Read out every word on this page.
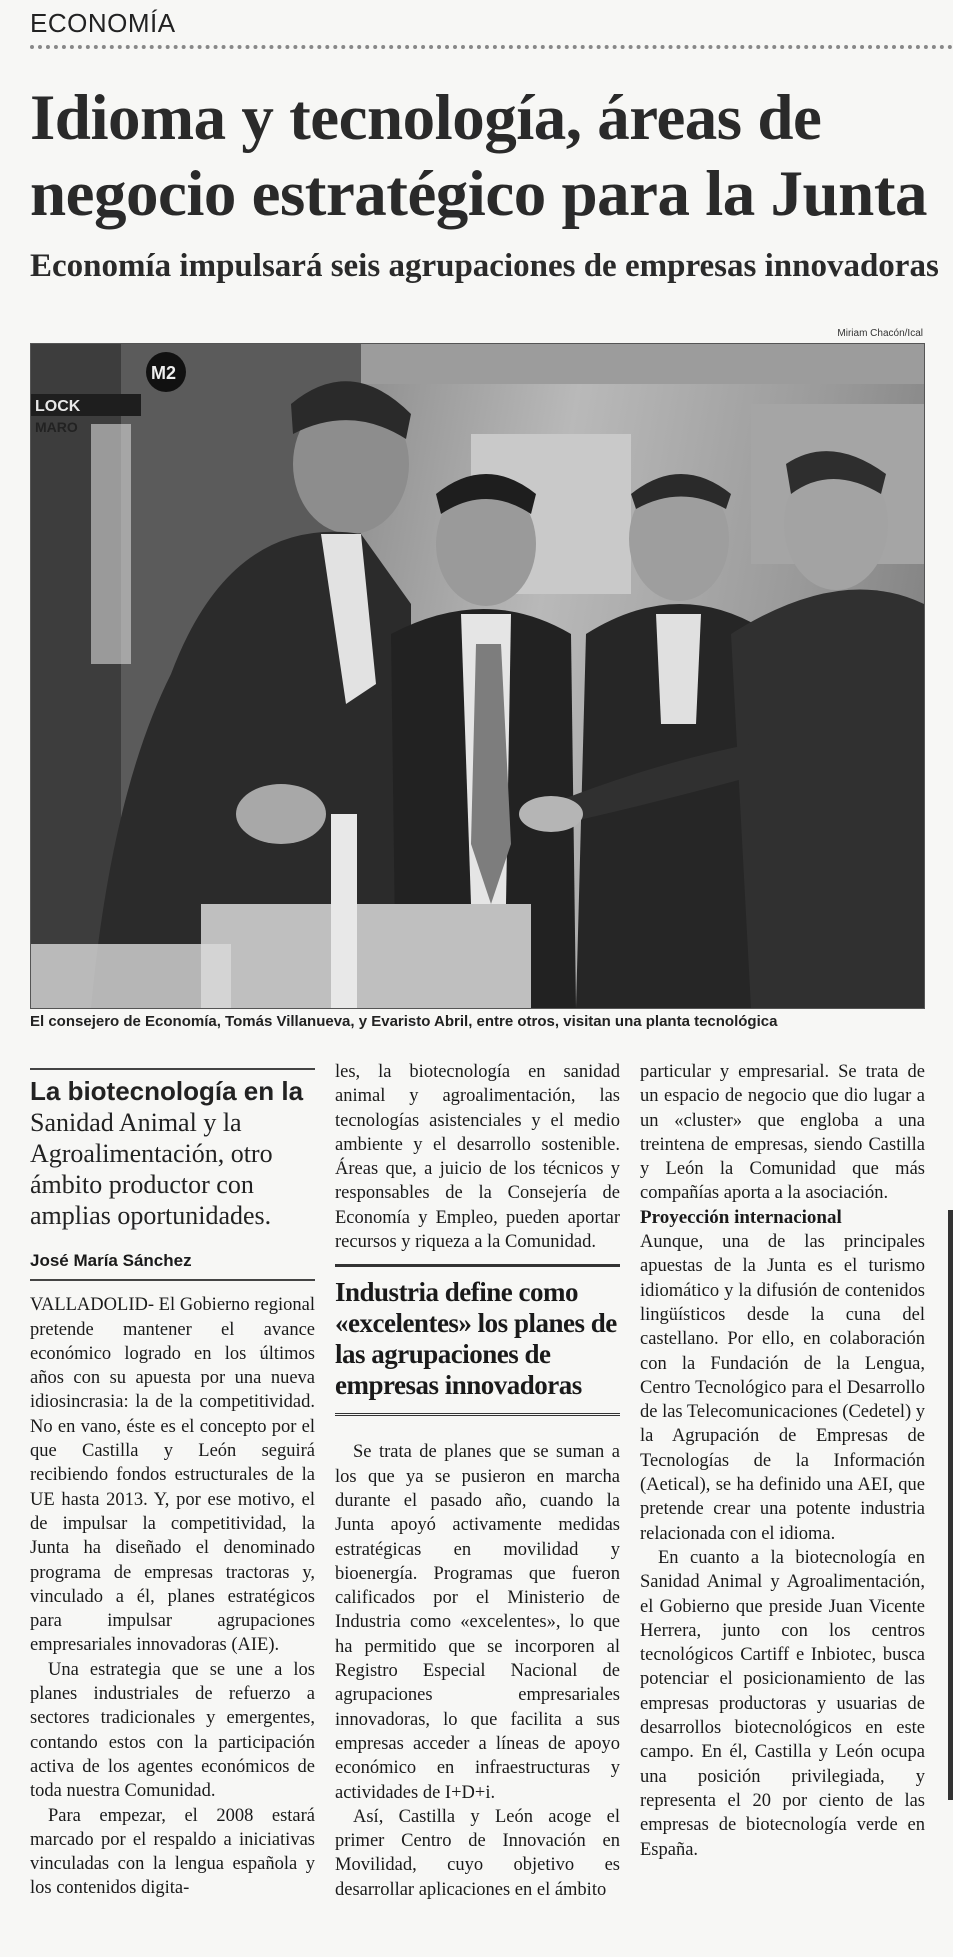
ECONOMÍA
Idioma y tecnología, áreas de negocio estratégico para la Junta
Economía impulsará seis agrupaciones de empresas innovadoras
Miriam Chacón/Ical
LOCK
MARO
M2
El consejero de Economía, Tomás Villanueva, y Evaristo Abril, entre otros, visitan una planta tecnológica
La biotecnología en la Sanidad Animal y la Agroalimentación, otro ámbito productor con amplias oportunidades.
José María Sánchez

VALLADOLID- El Gobierno regional pretende mantener el avance económico logrado en los últimos años con su apuesta por una nueva idiosincrasia: la de la competitividad. No en vano, éste es el concepto por el que Castilla y León seguirá recibiendo fondos estructurales de la UE hasta 2013. Y, por ese motivo, el de impulsar la competitividad, la Junta ha diseñado el denominado programa de empresas tractoras y, vinculado a él, planes estratégicos para impulsar agrupaciones empresariales innovadoras (AIE).

Una estrategia que se une a los planes industriales de refuerzo a sectores tradicionales y emergentes, contando estos con la participación activa de los agentes económicos de toda nuestra Comunidad.

Para empezar, el 2008 estará marcado por el respaldo a iniciativas vinculadas con la lengua española y los contenidos digita-

les, la biotecnología en sanidad animal y agroalimentación, las tecnologías asistenciales y el medio ambiente y el desarrollo sostenible. Áreas que, a juicio de los técnicos y responsables de la Consejería de Economía y Empleo, pueden aportar recursos y riqueza a la Comunidad.

Industria define como «excelentes» los planes de las agrupaciones de empresas innovadoras

Se trata de planes que se suman a los que ya se pusieron en marcha durante el pasado año, cuando la Junta apoyó activamente medidas estratégicas en movilidad y bioenergía. Programas que fueron calificados por el Ministerio de Industria como «excelentes», lo que ha permitido que se incorporen al Registro Especial Nacional de agrupaciones empresariales innovadoras, lo que facilita a sus empresas acceder a líneas de apoyo económico en infraestructuras y actividades de I+D+i.

Así, Castilla y León acoge el primer Centro de Innovación en Movilidad, cuyo objetivo es desarrollar aplicaciones en el ámbito

particular y empresarial. Se trata de un espacio de negocio que dio lugar a un «cluster» que engloba a una treintena de empresas, siendo Castilla y León la Comunidad que más compañías aporta a la asociación.

Proyección internacional

Aunque, una de las principales apuestas de la Junta es el turismo idiomático y la difusión de contenidos lingüísticos desde la cuna del castellano. Por ello, en colaboración con la Fundación de la Lengua, Centro Tecnológico para el Desarrollo de las Telecomunicaciones (Cedetel) y la Agrupación de Empresas de Tecnologías de la Información (Aetical), se ha definido una AEI, que pretende crear una potente industria relacionada con el idioma.

En cuanto a la biotecnología en Sanidad Animal y Agroalimentación, el Gobierno que preside Juan Vicente Herrera, junto con los centros tecnológicos Cartiff e Inbiotec, busca potenciar el posicionamiento de las empresas productoras y usuarias de desarrollos biotecnológicos en este campo. En él, Castilla y León ocupa una posición privilegiada, y representa el 20 por ciento de las empresas de biotecnología verde en España.
